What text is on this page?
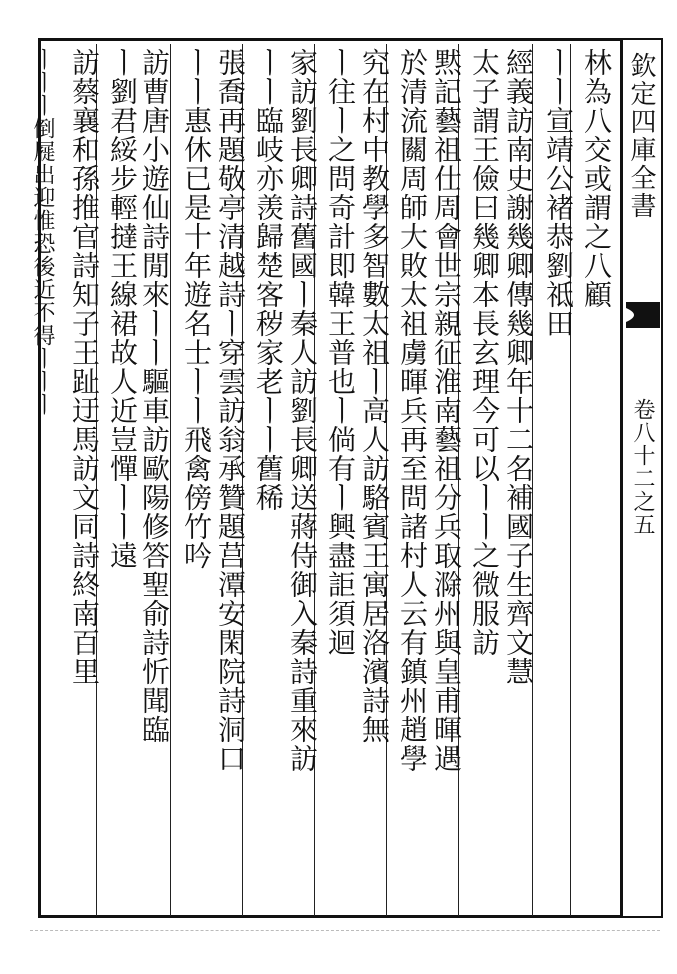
欽定四庫全書
卷八十二之五
林為八交或謂之八顧
ㅣㅣ宣靖公褚恭劉祗田
經義訪南史謝幾卿傳幾卿年十二名補國子生齊文慧
太子謂王儉曰幾卿本長玄理今可以ㅣㅣ之微服訪
黙記藝祖仕周會世宗親征淮南藝祖分兵取滁州與皇甫暉遇
於清流關周師大敗太祖虜暉兵再至問諸村人云有鎮州趙學
究在村中教學多智數太祖ㅣ高人訪駱賓王寓居洛濱詩無
ㅣ往ㅣ之問奇計即韓王普也ㅣ倘有ㅣ興盡詎須迴
家訪劉長卿詩舊國ㅣ秦人訪劉長卿送蔣侍御入秦詩重來訪
ㅣㅣ臨岐亦羡歸楚客秽家老ㅣㅣ舊稀
張喬再題敬亭清越詩ㅣ穿雲訪翁承贊題莒潭安閑院詩洞口
ㅣㅣ惠休已是十年遊名士ㅣㅣ飛禽傍竹吟
訪曹唐小遊仙詩閒來ㅣㅣ驅車訪歐陽修答聖俞詩忻聞臨
ㅣ劉君綏步輕撻王線裙故人近豈憚ㅣㅣ遠
訪蔡襄和孫推官詩知子王趾迂馬訪文同詩終南百里
ㅣㅣㅣ倒屣出迎惟恐後近不得ㅣㅣㅣ
